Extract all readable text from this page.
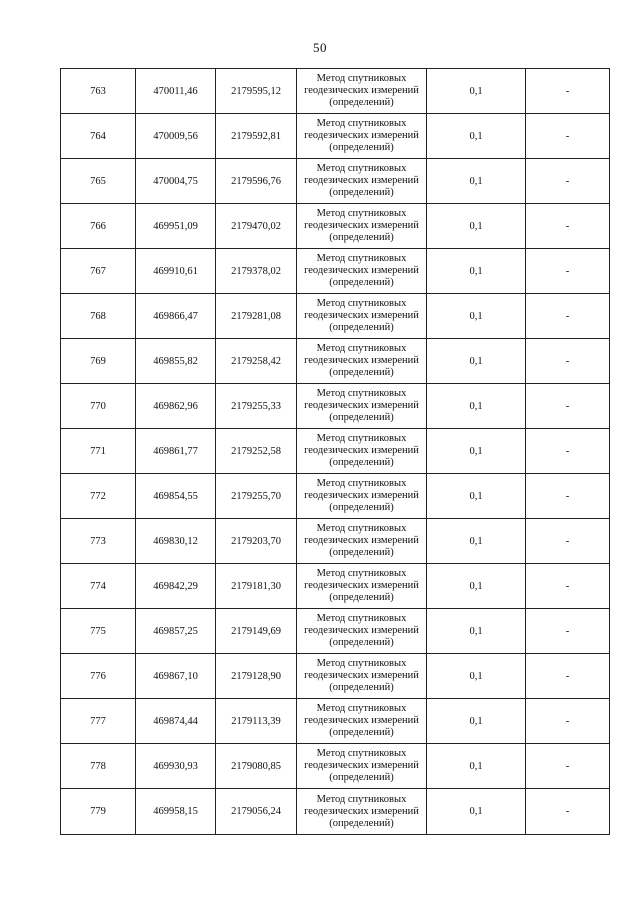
50
763	470011,46	2179595,12	Метод спутниковых геодезических измерений (определений)	0,1	-
764	470009,56	2179592,81	Метод спутниковых геодезических измерений (определений)	0,1	-
765	470004,75	2179596,76	Метод спутниковых геодезических измерений (определений)	0,1	-
766	469951,09	2179470,02	Метод спутниковых геодезических измерений (определений)	0,1	-
767	469910,61	2179378,02	Метод спутниковых геодезических измерений (определений)	0,1	-
768	469866,47	2179281,08	Метод спутниковых геодезических измерений (определений)	0,1	-
769	469855,82	2179258,42	Метод спутниковых геодезических измерений (определений)	0,1	-
770	469862,96	2179255,33	Метод спутниковых геодезических измерений (определений)	0,1	-
771	469861,77	2179252,58	Метод спутниковых геодезических измерений (определений)	0,1	-
772	469854,55	2179255,70	Метод спутниковых геодезических измерений (определений)	0,1	-
773	469830,12	2179203,70	Метод спутниковых геодезических измерений (определений)	0,1	-
774	469842,29	2179181,30	Метод спутниковых геодезических измерений (определений)	0,1	-
775	469857,25	2179149,69	Метод спутниковых геодезических измерений (определений)	0,1	-
776	469867,10	2179128,90	Метод спутниковых геодезических измерений (определений)	0,1	-
777	469874,44	2179113,39	Метод спутниковых геодезических измерений (определений)	0,1	-
778	469930,93	2179080,85	Метод спутниковых геодезических измерений (определений)	0,1	-
779	469958,15	2179056,24	Метод спутниковых геодезических измерений (определений)	0,1	-
